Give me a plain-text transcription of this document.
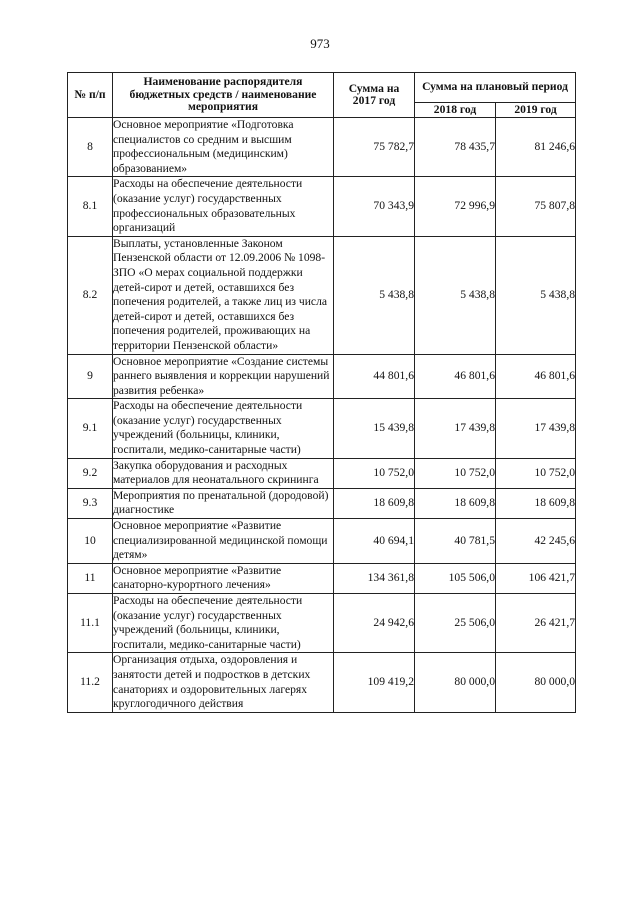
973
№ п/п	Наименование распорядителя бюджетных средств / наименование мероприятия	Сумма на 2017 год	Сумма на плановый период	
			2018 год	2019 год
8	Основное мероприятие «Подготовка специалистов со средним и высшим профессиональным (медицинским) образованием»	75 782,7	78 435,7	81 246,6
8.1	Расходы на обеспечение деятельности (оказание услуг) государственных профессиональных образовательных организаций	70 343,9	72 996,9	75 807,8
8.2	Выплаты, установленные Законом Пензенской области от 12.09.2006 № 1098-ЗПО «О мерах социальной поддержки детей-сирот и детей, оставшихся без попечения родителей, а также лиц из числа детей-сирот и детей, оставшихся без попечения родителей, проживающих на территории Пензенской области»	5 438,8	5 438,8	5 438,8
9	Основное мероприятие «Создание системы раннего выявления и коррекции нарушений развития ребенка»	44 801,6	46 801,6	46 801,6
9.1	Расходы на обеспечение деятельности (оказание услуг) государственных учреждений (больницы, клиники, госпитали, медико-санитарные части)	15 439,8	17 439,8	17 439,8
9.2	Закупка оборудования и расходных материалов для неонатального скрининга	10 752,0	10 752,0	10 752,0
9.3	Мероприятия по пренатальной (дородовой) диагностике	18 609,8	18 609,8	18 609,8
10	Основное мероприятие «Развитие специализированной медицинской помощи детям»	40 694,1	40 781,5	42 245,6
11	Основное мероприятие «Развитие санаторно-курортного лечения»	134 361,8	105 506,0	106 421,7
11.1	Расходы на обеспечение деятельности (оказание услуг) государственных учреждений (больницы, клиники, госпитали, медико-санитарные части)	24 942,6	25 506,0	26 421,7
11.2	Организация отдыха, оздоровления и занятости детей и подростков в детских санаториях и оздоровительных лагерях круглогодичного действия	109 419,2	80 000,0	80 000,0
